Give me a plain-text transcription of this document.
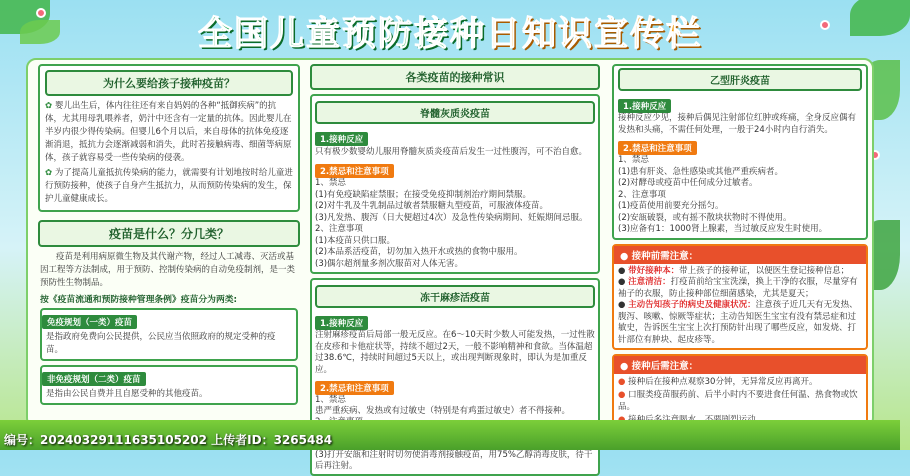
全国儿童预防接种日知识宣传栏
为什么要给孩子接种疫苗？
✿ 婴儿出生后，体内往往还有来自妈妈的各种“抵御疾病”的抗体，尤其用母乳喂养者，奶汁中还含有一定量的抗体。因此婴儿在半岁内很少得传染病。但婴儿6个月以后，来自母体的抗体免疫逐渐消退，抵抗力会逐渐减弱和消失，此时若接触病毒、细菌等病原体，孩子就容易受一些传染病的侵袭。
✿ 为了提高儿童抵抗传染病的能力，就需要有计划地按时给儿童进行预防接种，使孩子自身产生抵抗力，从而预防传染病的发生，保护儿童健康成长。
疫苗是什么？分几类？
疫苗是利用病原微生物及其代谢产物，经过人工减毒、灭活或基因工程等方法制成，用于预防、控制传染病的自动免疫制剂，是一类预防性生物制品。
按《疫苗流通和预防接种管理条例》疫苗分为两类:
免疫规划（一类）疫苗
是指政府免费向公民提供，公民应当依照政府的规定受种的疫苗。
非免疫规划（二类）疫苗
是指由公民自费并且自愿受种的其他疫苗。
各类疫苗的接种常识
脊髓灰质炎疫苗
1.接种反应
只有极少数婴幼儿服用脊髓灰质炎疫苗后发生一过性腹泻，可不治自愈。
2.禁忌和注意事项
1、禁忌
(1)有免疫缺陷症禁服；在接受免疫抑制剂治疗期间禁服。
(2)对牛乳及牛乳制品过敏者禁服糖丸型疫苗，可服液体疫苗。
(3)凡发热、腹泻（日大便超过4次）及急性传染病期间、妊娠期间忌服。
2、注意事项
(1)本疫苗只供口服。
(2)本品系活疫苗，切勿加入热开水或热的食物中服用。
(3)偶尔超剂量多剂次服苗对人体无害。
冻干麻疹活疫苗
1.接种反应
注射麻疹疫苗后局部一般无反应。在6～10天时少数人可能发热，一过性散在皮疹和卡他症状等，持续不超过2天，一般不影响精神和食欲。当体温超过38.6℃，持续时间超过5天以上，或出现判断现象时，即认为是加重反应。
2.禁忌和注意事项
1、禁忌
患严重疾病、发热或有过敏史（特别是有鸡蛋过敏史）者不得接种。
(3)打开安瓿和注射时切勿使消毒剂接触疫苗，用75%乙醇消毒皮肤，待干后再注射。
乙型肝炎疫苗
1.接种反应
接种反应少见，接种后偶见注射部位红肿或疼痛，全身反应偶有发热和头痛，不需任何处理，一般于24小时内自行消失。
2.禁忌和注意事项
1、禁忌
(1)患有肝炎、急性感染或其他严重疾病者。
(2)对酵母或疫苗中任何成分过敏者。
2、注意事项
(1)疫苗使用前要充分摇匀。
(2)安瓿破裂，或有摇不散块状物时不得使用。
(3)应备有1：1000肾上腺素，当过敏反应发生时使用。
● 接种前需注意：
● 带好接种本：带上孩子的接种证，以便医生登记接种信息；
● 注意清洁：打疫苗前给宝宝洗澡，换上干净的衣服，尽量穿有袖子的衣服，防止接种部位细菌感染，尤其是夏天；
● 主动告知孩子的病史及健康状况：注意孩子近几天有无发热、腹泻、咳嗽、惊厥等症状；主动告知医生宝宝有没有禁忌症和过敏史，告诉医生宝宝上次打预防针出现了哪些反应，如发烧、打针部位有肿块、起皮疹等。
● 接种后需注意：
● 接种后在接种点观察30分钟，无异常反应再离开。
● 口服类疫苗服药前、后半小时内不要进食任何温、热食物或饮品。
编号：20240329111635105202 上传者ID：3265484
